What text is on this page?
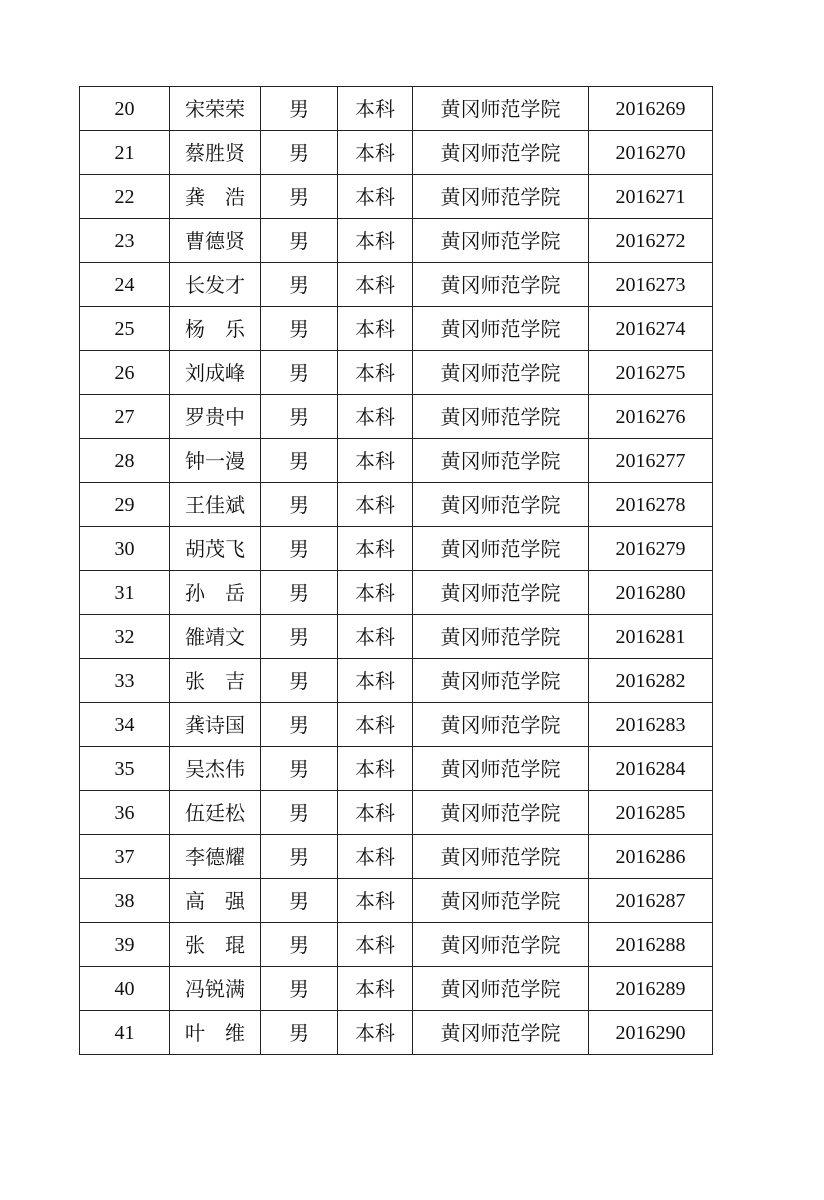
20	宋荣荣	男	本科	黄冈师范学院	2016269
21	蔡胜贤	男	本科	黄冈师范学院	2016270
22	龚　浩	男	本科	黄冈师范学院	2016271
23	曹德贤	男	本科	黄冈师范学院	2016272
24	长发才	男	本科	黄冈师范学院	2016273
25	杨　乐	男	本科	黄冈师范学院	2016274
26	刘成峰	男	本科	黄冈师范学院	2016275
27	罗贵中	男	本科	黄冈师范学院	2016276
28	钟一漫	男	本科	黄冈师范学院	2016277
29	王佳斌	男	本科	黄冈师范学院	2016278
30	胡茂飞	男	本科	黄冈师范学院	2016279
31	孙　岳	男	本科	黄冈师范学院	2016280
32	雒靖文	男	本科	黄冈师范学院	2016281
33	张　吉	男	本科	黄冈师范学院	2016282
34	龚诗国	男	本科	黄冈师范学院	2016283
35	吴杰伟	男	本科	黄冈师范学院	2016284
36	伍廷松	男	本科	黄冈师范学院	2016285
37	李德耀	男	本科	黄冈师范学院	2016286
38	高　强	男	本科	黄冈师范学院	2016287
39	张　琨	男	本科	黄冈师范学院	2016288
40	冯锐满	男	本科	黄冈师范学院	2016289
41	叶　维	男	本科	黄冈师范学院	2016290
